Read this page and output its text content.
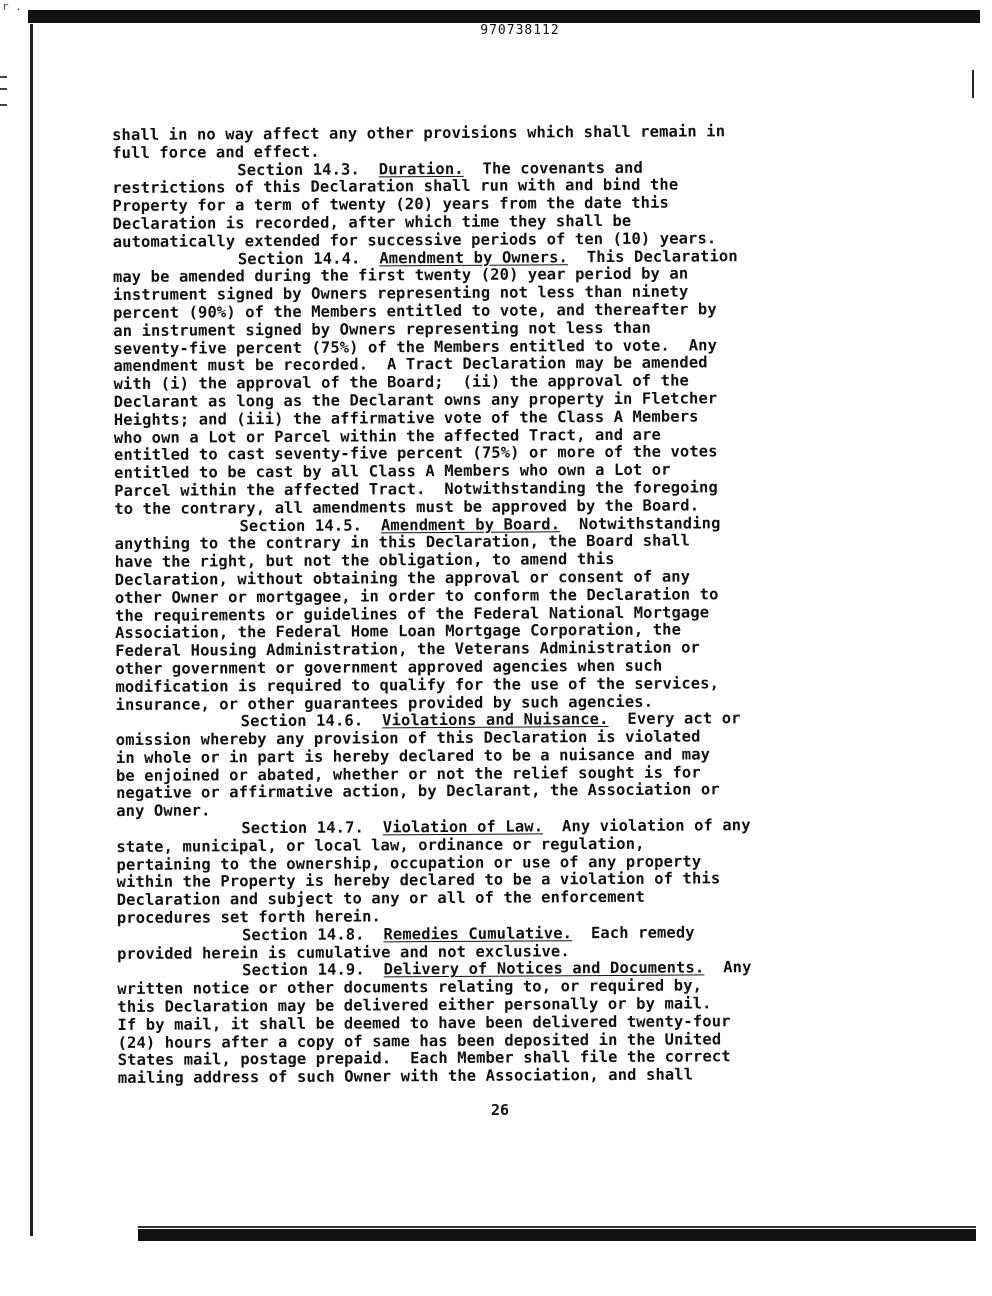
r .
970738112
shall in no way affect any other provisions which shall remain in
full force and effect.
Section 14.3. Duration. The covenants and
restrictions of this Declaration shall run with and bind the
Property for a term of twenty (20) years from the date this
Declaration is recorded, after which time they shall be
automatically extended for successive periods of ten (10) years.
Section 14.4. Amendment by Owners. This Declaration
may be amended during the first twenty (20) year period by an
instrument signed by Owners representing not less than ninety
percent (90%) of the Members entitled to vote, and thereafter by
an instrument signed by Owners representing not less than
seventy-five percent (75%) of the Members entitled to vote.  Any
amendment must be recorded.  A Tract Declaration may be amended
with (i) the approval of the Board;  (ii) the approval of the
Declarant as long as the Declarant owns any property in Fletcher
Heights; and (iii) the affirmative vote of the Class A Members
who own a Lot or Parcel within the affected Tract, and are
entitled to cast seventy-five percent (75%) or more of the votes
entitled to be cast by all Class A Members who own a Lot or
Parcel within the affected Tract.  Notwithstanding the foregoing
to the contrary, all amendments must be approved by the Board.
Section 14.5. Amendment by Board. Notwithstanding
anything to the contrary in this Declaration, the Board shall
have the right, but not the obligation, to amend this
Declaration, without obtaining the approval or consent of any
other Owner or mortgagee, in order to conform the Declaration to
the requirements or guidelines of the Federal National Mortgage
Association, the Federal Home Loan Mortgage Corporation, the
Federal Housing Administration, the Veterans Administration or
other government or government approved agencies when such
modification is required to qualify for the use of the services,
insurance, or other guarantees provided by such agencies.
Section 14.6. Violations and Nuisance. Every act or
omission whereby any provision of this Declaration is violated
in whole or in part is hereby declared to be a nuisance and may
be enjoined or abated, whether or not the relief sought is for
negative or affirmative action, by Declarant, the Association or
any Owner.
Section 14.7. Violation of Law. Any violation of any
state, municipal, or local law, ordinance or regulation,
pertaining to the ownership, occupation or use of any property
within the Property is hereby declared to be a violation of this
Declaration and subject to any or all of the enforcement
procedures set forth herein.
Section 14.8. Remedies Cumulative. Each remedy
provided herein is cumulative and not exclusive.
Section 14.9. Delivery of Notices and Documents. Any
written notice or other documents relating to, or required by,
this Declaration may be delivered either personally or by mail.
If by mail, it shall be deemed to have been delivered twenty-four
(24) hours after a copy of same has been deposited in the United
States mail, postage prepaid.  Each Member shall file the correct
mailing address of such Owner with the Association, and shall
26
